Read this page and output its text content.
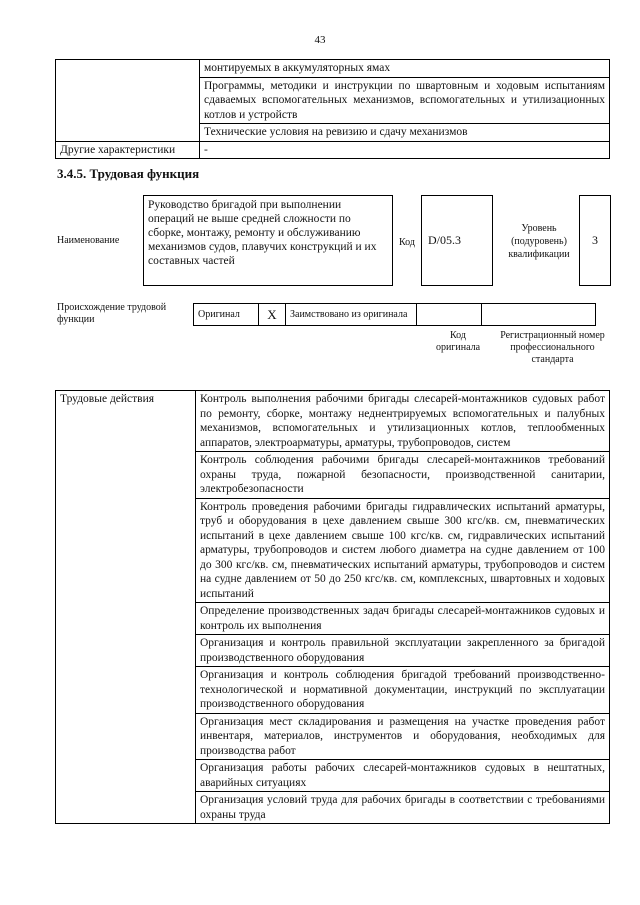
43
	монтируемых в аккумуляторных ямах
	Программы, методики и инструкции по швартовным и ходовым испытаниям сдаваемых вспомогательных механизмов, вспомогательных и утилизационных котлов и устройств
	Технические условия на ревизию и сдачу механизмов
Другие характеристики	-
3.4.5. Трудовая функция
Наименование
Руководство бригадой при выполнении операций не выше средней сложности по сборке, монтажу, ремонту и обслуживанию механизмов судов, плавучих конструкций и их составных частей
Код	D/05.3
Уровень (подуровень) квалификации
3
Происхождение трудовой функции	Оригинал	X	Заимствовано из оригинала		
Код оригинала
Регистрационный номер профессионального стандарта
Трудовые действия	Контроль выполнения рабочими бригады слесарей-монтажников судовых работ по ремонту, сборке, монтажу неднентрируемых вспомогательных и палубных механизмов, вспомогательных и утилизационных котлов, теплообменных аппаратов, электроарматуры, арматуры, трубопроводов, систем
Контроль соблюдения рабочими бригады слесарей-монтажников требований охраны труда, пожарной безопасности, производственной санитарии, электробезопасности
Контроль проведения рабочими бригады гидравлических испытаний арматуры, труб и оборудования в цехе давлением свыше 300 кгс/кв. см, пневматических испытаний в цехе давлением свыше 100 кгс/кв. см, гидравлических испытаний арматуры, трубопроводов и систем любого диаметра на судне давлением от 100 до 300 кгс/кв. см, пневматических испытаний арматуры, трубопроводов и систем на судне давлением от 50 до 250 кгс/кв. см, комплексных, швартовных и ходовых испытаний
Определение производственных задач бригады слесарей-монтажников судовых и контроль их выполнения
Организация и контроль правильной эксплуатации закрепленного за бригадой производственного оборудования
Организация и контроль соблюдения бригадой требований производственно-технологической и нормативной документации, инструкций по эксплуатации производственного оборудования
Организация мест складирования и размещения на участке проведения работ инвентаря, материалов, инструментов и оборудования, необходимых для производства работ
Организация работы рабочих слесарей-монтажников судовых в нештатных, аварийных ситуациях
Организация условий труда для рабочих бригады в соответствии с требованиями охраны труда
